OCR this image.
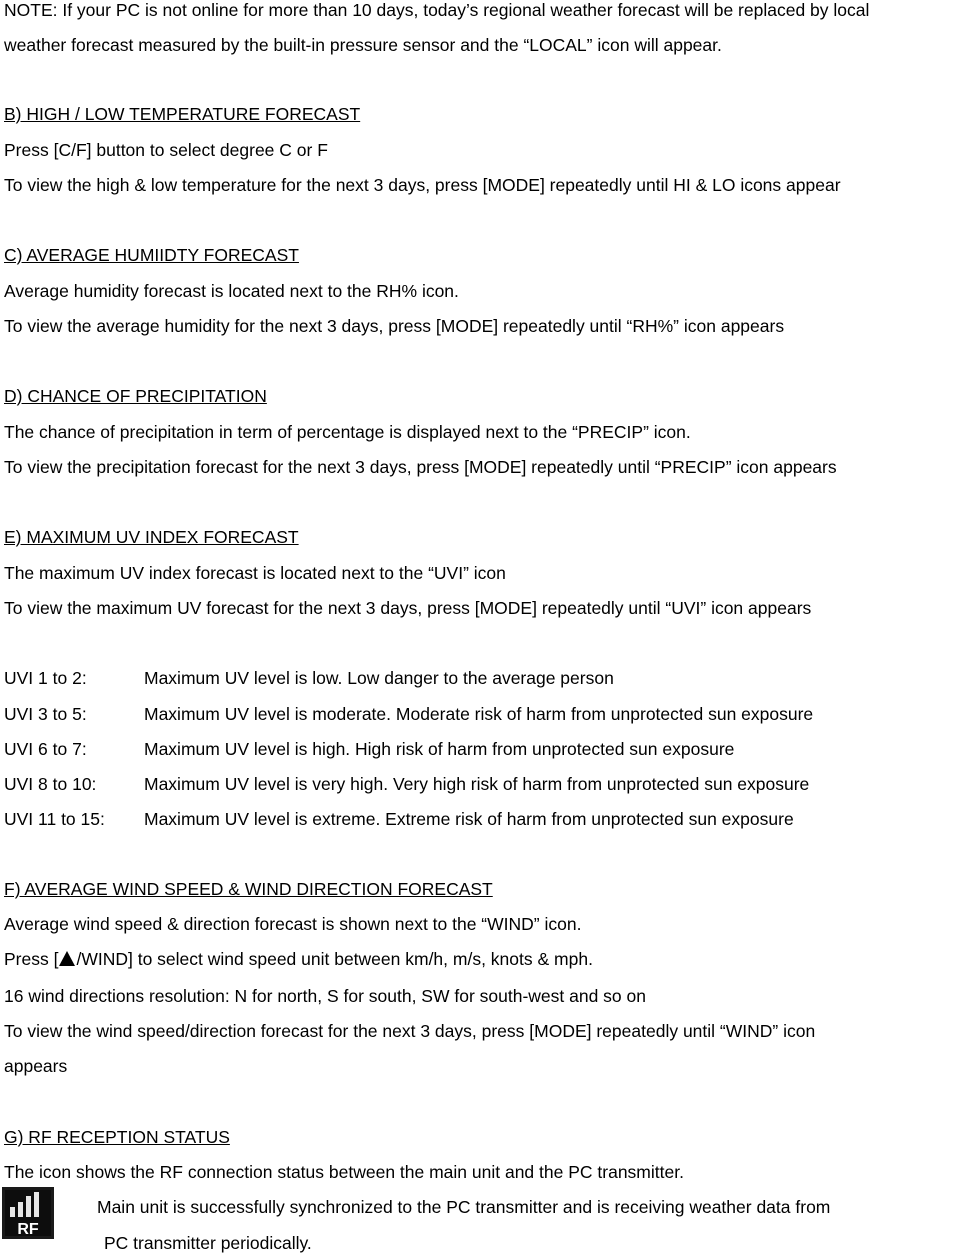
NOTE: If your PC is not online for more than 10 days, today’s regional weather forecast will be replaced by local
weather forecast measured by the built-in pressure sensor and the “LOCAL” icon will appear.
B) HIGH / LOW TEMPERATURE FORECAST
Press [C/F] button to select degree C or F
To view the high & low temperature for the next 3 days, press [MODE] repeatedly until HI & LO icons appear
C) AVERAGE HUMIIDTY FORECAST
Average humidity forecast is located next to the RH% icon.
To view the average humidity for the next 3 days, press [MODE] repeatedly until “RH%” icon appears
D) CHANCE OF PRECIPITATION
The chance of precipitation in term of percentage is displayed next to the “PRECIP” icon.
To view the precipitation forecast for the next 3 days, press [MODE] repeatedly until “PRECIP” icon appears
E) MAXIMUM UV INDEX FORECAST
The maximum UV index forecast is located next to the “UVI” icon
To view the maximum UV forecast for the next 3 days, press [MODE] repeatedly until “UVI” icon appears
UVI 1 to 2:	Maximum UV level is low. Low danger to the average person
UVI 3 to 5:	Maximum UV level is moderate. Moderate risk of harm from unprotected sun exposure
UVI 6 to 7:	Maximum UV level is high. High risk of harm from unprotected sun exposure
UVI 8 to 10:	Maximum UV level is very high. Very high risk of harm from unprotected sun exposure
UVI 11 to 15: Maximum UV level is extreme. Extreme risk of harm from unprotected sun exposure
F) AVERAGE WIND SPEED & WIND DIRECTION FORECAST
Average wind speed & direction forecast is shown next to the “WIND” icon.
Press [ /WIND] to select wind speed unit between km/h, m/s, knots & mph.
16 wind directions resolution: N for north, S for south, SW for south-west and so on
To view the wind speed/direction forecast for the next 3 days, press [MODE] repeatedly until “WIND” icon
appears
G) RF RECEPTION STATUS
The icon shows the RF connection status between the main unit and the PC transmitter.
RF
Main unit is successfully synchronized to the PC transmitter and is receiving weather data from
PC transmitter periodically.
